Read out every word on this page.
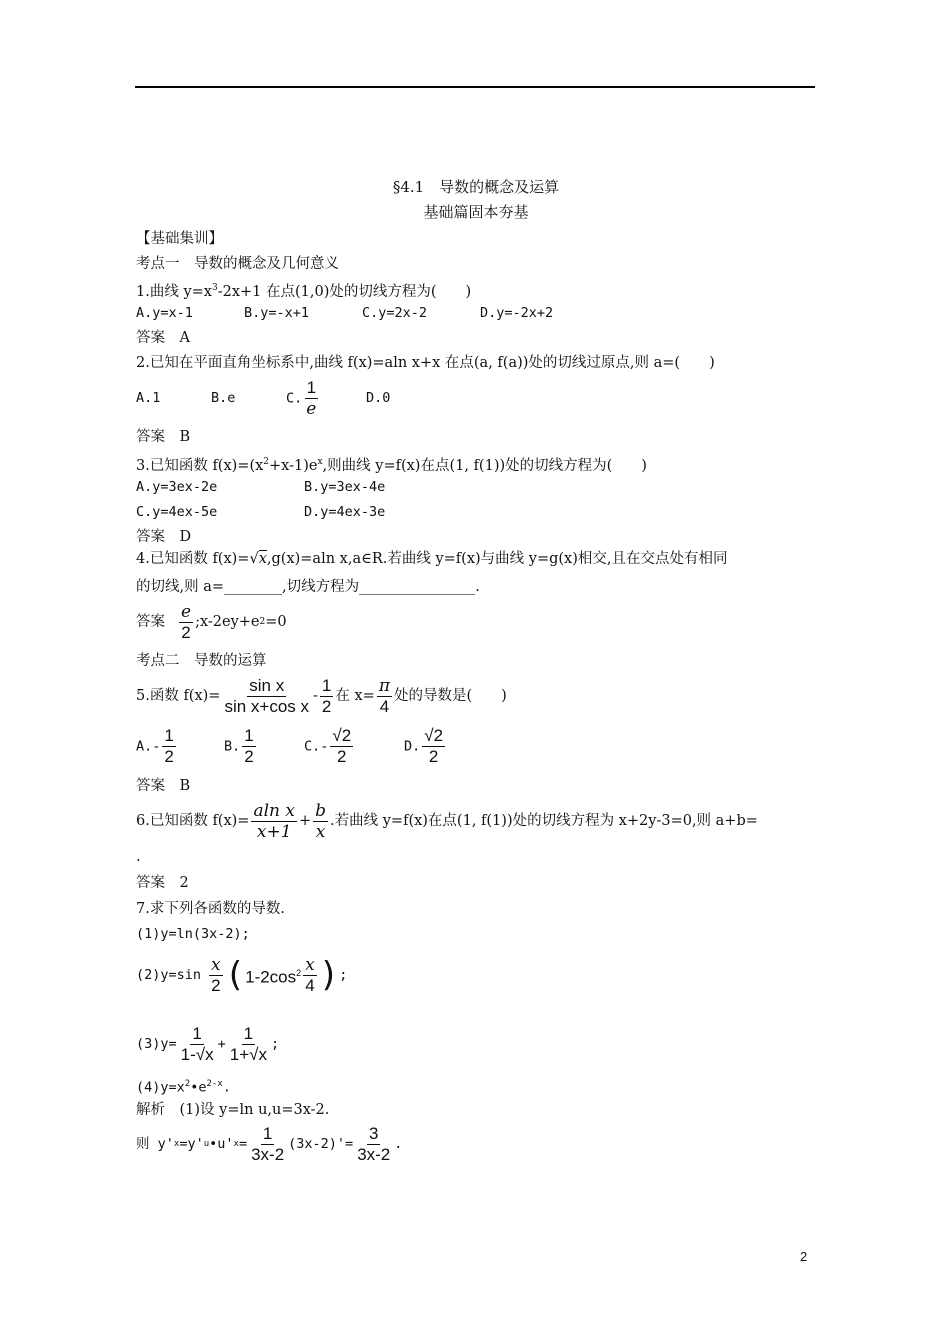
§4.1　导数的概念及运算
基础篇固本夯基
【基础集训】
考点一　导数的概念及几何意义
1.曲线 $y=x^3-2x+1$ 在点(1,0)处的切线方程为(　　)
A.y=x-1	B.y=-x+1	C.y=2x-2	D.y=-2x+2
答案　A
2.已知在平面直角坐标系中,曲线 f(x)=aln x+x 在点(a, f(a))处的切线过原点,则 a=(　　)
A.1	B.e	C. $\frac{1}{e}$	D.0
答案　B
3.已知函数 $f(x)=(x^2+x-1)e^x$,则曲线 y=f(x)在点(1, f(1))处的切线方程为(　　)
A.y=3ex-2e	B.y=3ex-4e
C.y=4ex-5e	D.y=4ex-3e
答案　D
4.已知函数 f(x)=√x,g(x)=aln x,a∈R.若曲线 y=f(x)与曲线 y=g(x)相交,且在交点处有相同
的切线,则 a=________,切线方程为________________.
答案 $\frac{e}{2}$ ;x-2ey+e 2 =0
考点二　导数的运算
5.函数 $f(x)= \frac{\text{sin x}}{\text{sin x+cos x}} - \frac{1}{2}$ 在 $x= \frac{\pi}{4}$ 处的导数是(　　)
$A.- \frac{1}{2}$	B. $\frac{1}{2}$	$C.- \frac{√2}{2}$	D. $\frac{√2}{2}$
答案　B
6.已知函数 $f(x)= \frac{\text{aln x}}{x+1} + \frac{b}{x}$ .若曲线 y=f(x)在点(1, f(1))处的切线方程为 x+2y-3=0,则 a+b=
.
答案　2
7.求下列各函数的导数.
(1)y=ln(3x-2);
$(2)y=\sin \frac{x}{2}$ ( $1-2\cos^2 \frac{x}{4}$ ) ;
$(3)y= \frac{1}{1-√x} + \frac{1}{1+√x}$ ;
$(4)y=x^2•e^{2-x}$.
解析　(1)设 y=ln u,u=3x-2.
则 y' x =y' u •u' $x = \frac{1}{3x-2} (3x-2)'= \frac{3}{3x-2}$ .
2
